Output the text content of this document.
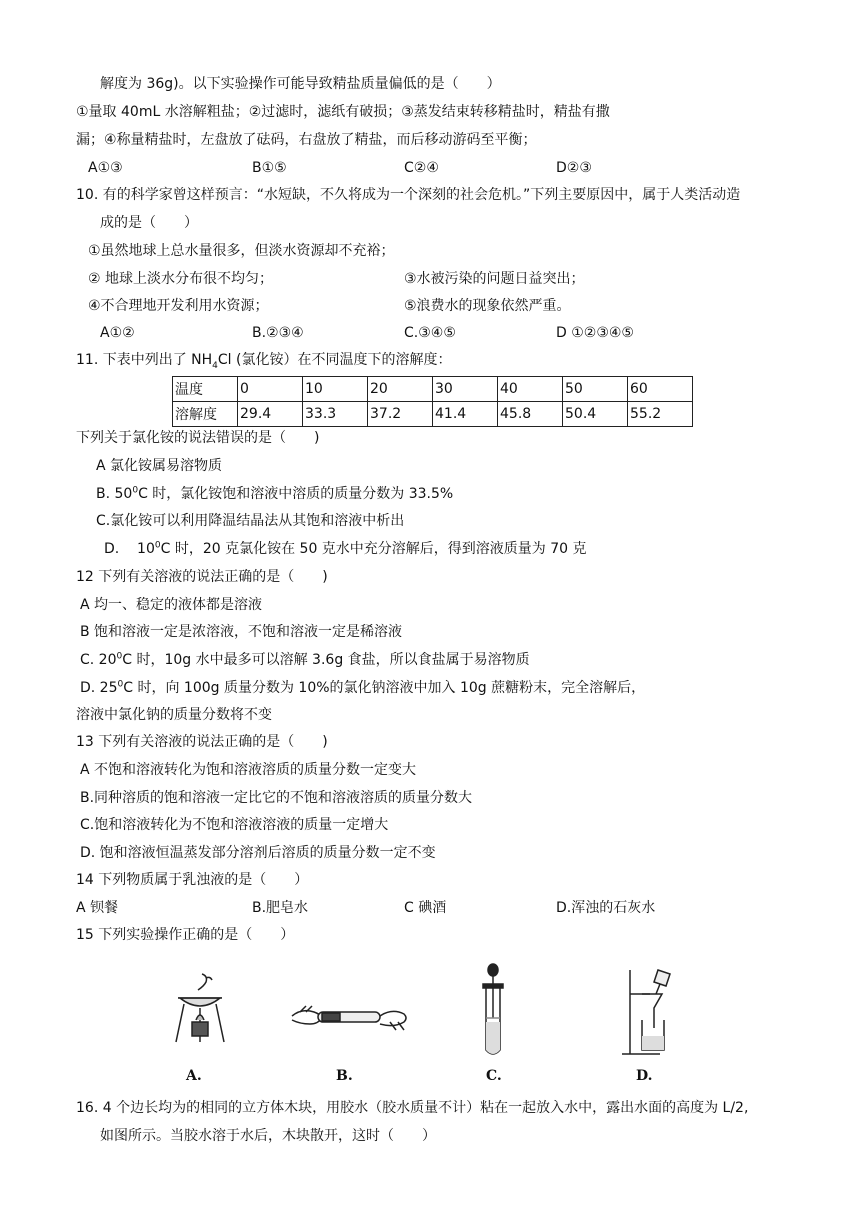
解度为 36g)。以下实验操作可能导致精盐质量偏低的是（　　）
①量取 40mL 水溶解粗盐；②过滤时，滤纸有破损；③蒸发结束转移精盐时，精盐有撒
漏；④称量精盐时，左盘放了砝码，右盘放了精盐，而后移动游码至平衡；
A①③	B①⑤	C②④	D②③
10. 有的科学家曾这样预言：“水短缺，不久将成为一个深刻的社会危机。”下列主要原因中，属于人类活动造
成的是（　　）
①虽然地球上总水量很多，但淡水资源却不充裕；
② 地球上淡水分布很不均匀；	③水被污染的问题日益突出；
④不合理地开发利用水资源；	⑤浪费水的现象依然严重。
A①②	B.②③④	C.③④⑤	D ①②③④⑤
11. 下表中列出了 $NH_4Cl$ (氯化铵）在不同温度下的溶解度：
温度	0	10	20	30	40	50	60
溶解度	29.4	33.3	37.2	41.4	45.8	50.4	55.2
下列关于氯化铵的说法错误的是（　　)
A 氯化铵属易溶物质
B. $50^0C$ 时，氯化铵饱和溶液中溶质的质量分数为 33.5%
C.氯化铵可以利用降温结晶法从其饱和溶液中析出
D.    $10^0C$ 时，20 克氯化铵在 50 克水中充分溶解后，得到溶液质量为 70 克
12 下列有关溶液的说法正确的是（　　)
A 均一、稳定的液体都是溶液
B 饱和溶液一定是浓溶液，不饱和溶液一定是稀溶液
C. $20^0C$ 时，10g 水中最多可以溶解 3.6g 食盐，所以食盐属于易溶物质
D. $25^0C$ 时，向 100g 质量分数为 10%的氯化钠溶液中加入 10g 蔗糖粉末，完全溶解后，
溶液中氯化钠的质量分数将不变
13 下列有关溶液的说法正确的是（　　)
A 不饱和溶液转化为饱和溶液溶质的质量分数一定变大
B.同种溶质的饱和溶液一定比它的不饱和溶液溶质的质量分数大
C.饱和溶液转化为不饱和溶液溶液的质量一定增大
D. 饱和溶液恒温蒸发部分溶剂后溶质的质量分数一定不变
14 下列物质属于乳浊液的是（　　）
A 钡餐	B.肥皂水	C 碘酒	D.浑浊的石灰水
15 下列实验操作正确的是（　　）
A.	B.	C.	D.
16. 4 个边长均为的相同的立方体木块，用胶水（胶水质量不计）粘在一起放入水中，露出水面的高度为 L/2,
如图所示。当胶水溶于水后，木块散开，这时（　　）
